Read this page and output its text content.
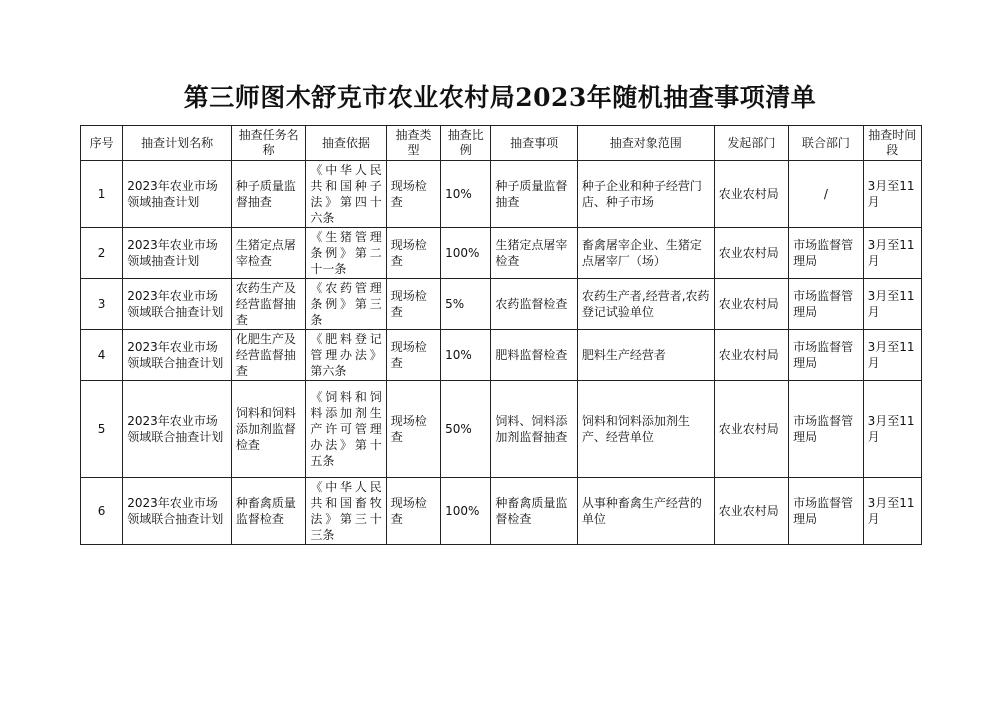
第三师图木舒克市农业农村局2023年随机抽查事项清单
序号	抽查计划名称	抽查任务名称	抽查依据	抽查类型	抽查比例	抽查事项	抽查对象范围	发起部门	联合部门	抽查时间段
1	2023年农业市场领域抽查计划	种子质量监督抽查	《中华人民共和国种子法》第四十六条	现场检查	10%	种子质量监督抽查	种子企业和种子经营门店、种子市场	农业农村局	/	3月至11月
2	2023年农业市场领域抽查计划	生猪定点屠宰检查	《生猪管理条例》第二十一条	现场检查	100%	生猪定点屠宰检查	畜禽屠宰企业、生猪定点屠宰厂（场）	农业农村局	市场监督管理局	3月至11月
3	2023年农业市场领域联合抽查计划	农药生产及经营监督抽查	《农药管理条例》第三条	现场检查	5%	农药监督检查	农药生产者,经营者,农药登记试验单位	农业农村局	市场监督管理局	3月至11月
4	2023年农业市场领域联合抽查计划	化肥生产及经营监督抽查	《肥料登记管理办法》第六条	现场检查	10%	肥料监督检查	肥料生产经营者	农业农村局	市场监督管理局	3月至11月
5	2023年农业市场领域联合抽查计划	饲料和饲料添加剂监督检查	《饲料和饲料添加剂生产许可管理办法》第十五条	现场检查	50%	饲料、饲料添加剂监督抽查	饲料和饲料添加剂生产、经营单位	农业农村局	市场监督管理局	3月至11月
6	2023年农业市场领域联合抽查计划	种畜禽质量监督检查	《中华人民共和国畜牧法》第三十三条	现场检查	100%	种畜禽质量监督检查	从事种畜禽生产经营的单位	农业农村局	市场监督管理局	3月至11月
